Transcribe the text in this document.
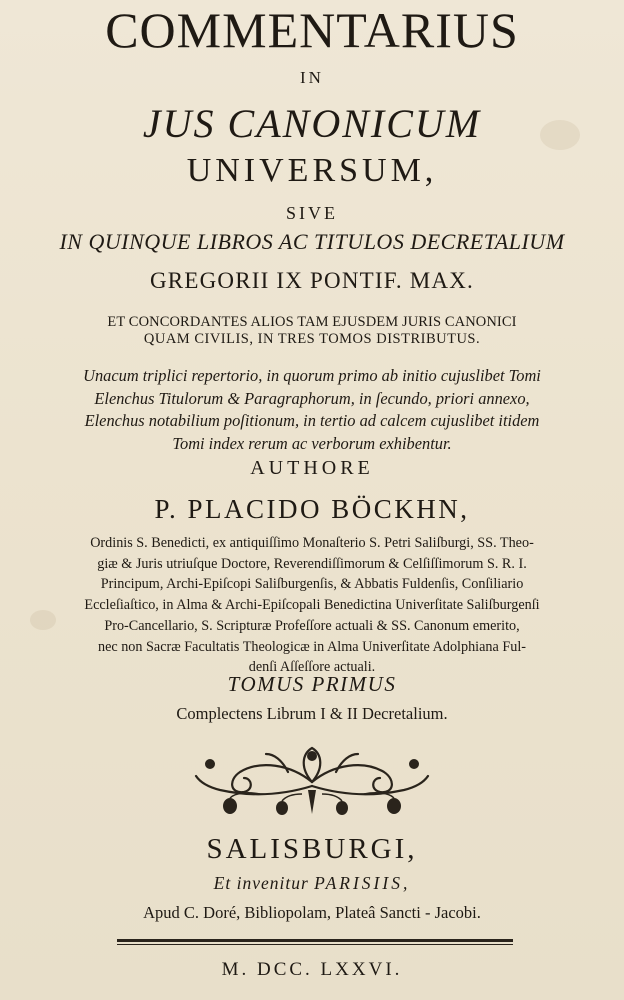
COMMENTARIUS
IN
JUS CANONICUM
UNIVERSUM,
SIVE
IN QUINQUE LIBROS AC TITULOS DECRETALIUM
GREGORII IX PONTIF. MAX.
ET CONCORDANTES ALIOS TAM EJUSDEM JURIS CANONICI
QUAM CIVILIS, IN TRES TOMOS DISTRIBUTUS.
Unacum triplici repertorio, in quorum primo ab initio cujuslibet Tomi
Elenchus Titulorum & Paragraphorum, in ſecundo, priori annexo,
Elenchus notabilium poſitionum, in tertio ad calcem cujuslibet itidem
Tomi index rerum ac verborum exhibentur.
AUTHORE
P. PLACIDO BÖCKHN,
Ordinis S. Benedicti, ex antiquiſſimo Monaſterio S. Petri Saliſburgi, SS. Theo-
giæ & Juris utriuſque Doctore, Reverendiſſimorum & Celſiſſimorum S. R. I.
Principum, Archi-Epiſcopi Saliſburgenſis, & Abbatis Fuldenſis, Conſiliario
Eccleſiaſtico, in Alma & Archi-Epiſcopali Benedictina Univerſitate Saliſburgenſi
Pro-Cancellario, S. Scripturæ Profeſſore actuali & SS. Canonum emerito,
nec non Sacræ Facultatis Theologicæ in Alma Univerſitate Adolphiana Ful-
denſi Aſſeſſore actuali.
TOMUS PRIMUS
Complectens Librum I & II Decretalium.
SALISBURGI,
Et invenitur PARISIIS,
Apud C. Doré, Bibliopolam, Plateâ Sancti - Jacobi.
M. DCC. LXXVI.
